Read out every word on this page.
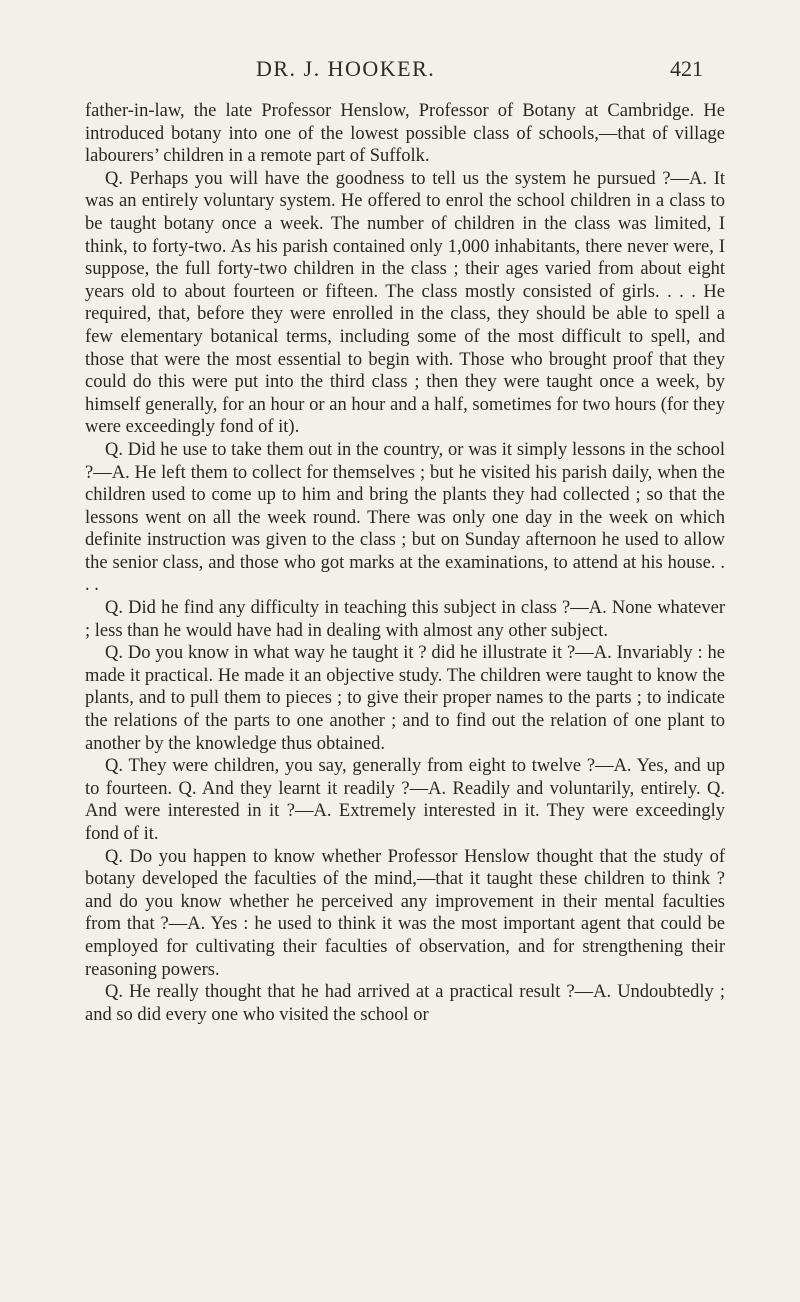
DR. J. HOOKER.	421

father-in-law, the late Professor Henslow, Professor of Botany at Cambridge. He introduced botany into one of the lowest possible class of schools,—that of village labourers’ children in a remote part of Suffolk.

Q. Perhaps you will have the goodness to tell us the system he pursued ?—A. It was an entirely voluntary system. He offered to enrol the school children in a class to be taught botany once a week. The number of children in the class was limited, I think, to forty-two. As his parish contained only 1,000 inhabitants, there never were, I suppose, the full forty-two children in the class ; their ages varied from about eight years old to about fourteen or fifteen. The class mostly consisted of girls. . . . He required, that, before they were enrolled in the class, they should be able to spell a few elementary botanical terms, including some of the most difficult to spell, and those that were the most essential to begin with. Those who brought proof that they could do this were put into the third class ; then they were taught once a week, by himself generally, for an hour or an hour and a half, sometimes for two hours (for they were exceedingly fond of it).

Q. Did he use to take them out in the country, or was it simply lessons in the school ?—A. He left them to collect for themselves ; but he visited his parish daily, when the children used to come up to him and bring the plants they had collected ; so that the lessons went on all the week round. There was only one day in the week on which definite instruction was given to the class ; but on Sunday afternoon he used to allow the senior class, and those who got marks at the examinations, to attend at his house. . . .

Q. Did he find any difficulty in teaching this subject in class ?—A. None whatever ; less than he would have had in dealing with almost any other subject.

Q. Do you know in what way he taught it ? did he illustrate it ?—A. Invariably : he made it practical. He made it an objective study. The children were taught to know the plants, and to pull them to pieces ; to give their proper names to the parts ; to indicate the relations of the parts to one another ; and to find out the relation of one plant to another by the knowledge thus obtained.

Q. They were children, you say, generally from eight to twelve ?—A. Yes, and up to fourteen. Q. And they learnt it readily ?—A. Readily and voluntarily, entirely. Q. And were interested in it ?—A. Extremely interested in it. They were exceedingly fond of it.

Q. Do you happen to know whether Professor Henslow thought that the study of botany developed the faculties of the mind,—that it taught these children to think ? and do you know whether he perceived any improvement in their mental faculties from that ?—A. Yes : he used to think it was the most important agent that could be employed for cultivating their faculties of observation, and for strengthening their reasoning powers.

Q. He really thought that he had arrived at a practical result ?—A. Undoubtedly ; and so did every one who visited the school or
